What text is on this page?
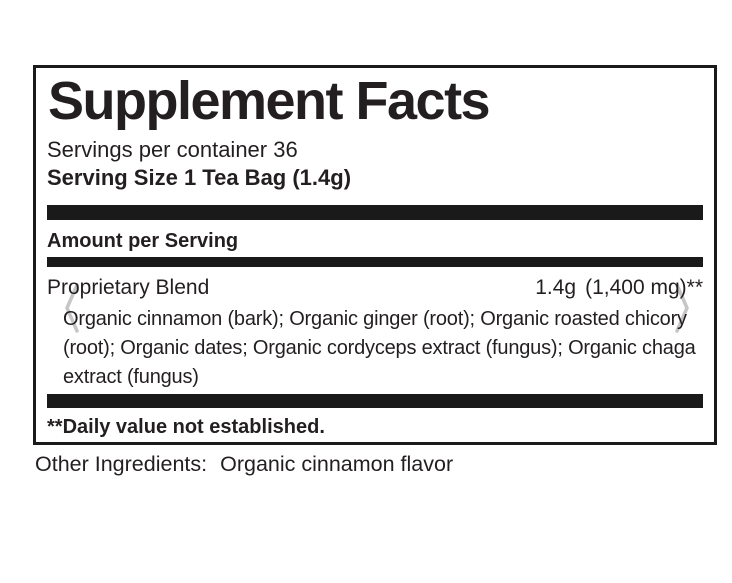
Supplement Facts
Servings per container 36
Serving Size 1 Tea Bag (1.4g)
Amount per Serving
Proprietary Blend	1.4g (1,400 mg)**
Organic cinnamon (bark); Organic ginger (root); Organic roasted chicory (root); Organic dates; Organic cordyceps extract (fungus); Organic chaga extract (fungus)
**Daily value not established.
Other Ingredients: Organic cinnamon flavor
